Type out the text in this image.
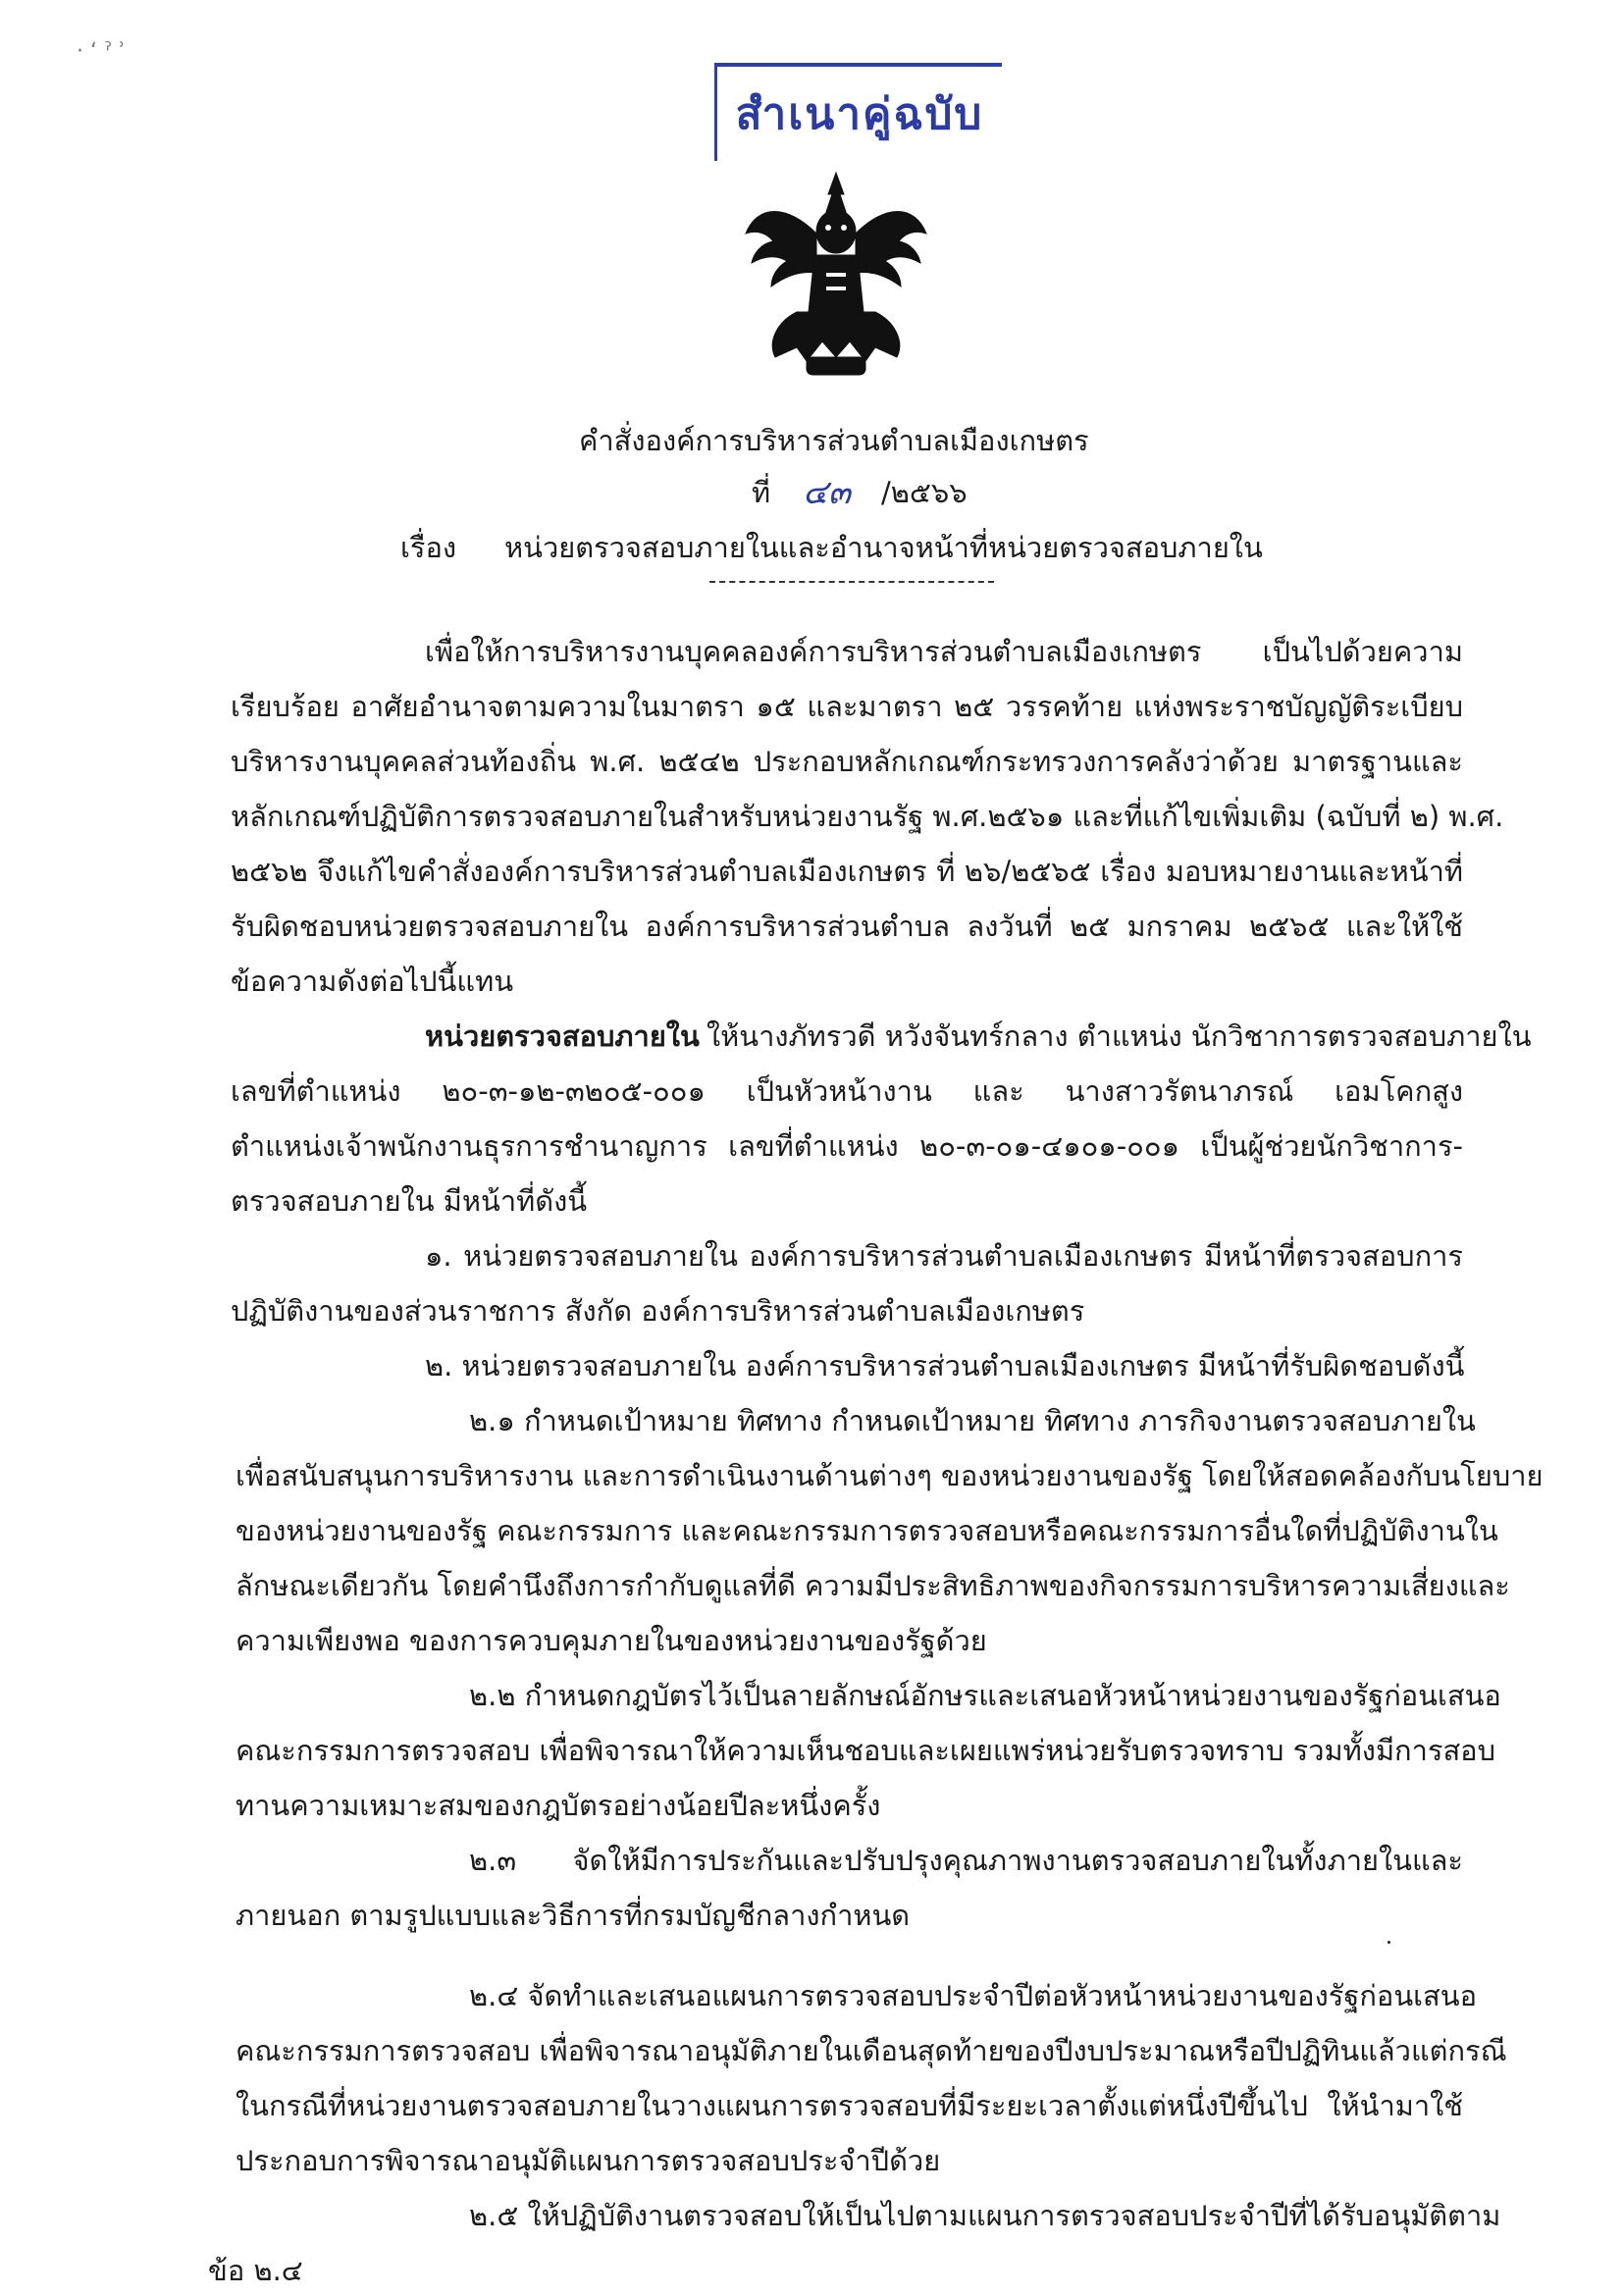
· ʻ ˀ ʾ
สำเนาคู่ฉบับ
คำสั่งองค์การบริหารส่วนตำบลเมืองเกษตร
ที่ ๔๓ /๒๕๖๖
เรื่อง หน่วยตรวจสอบภายในและอำนาจหน้าที่หน่วยตรวจสอบภายใน
เพื่อให้การบริหารงานบุคคลองค์การบริหารส่วนตำบลเมืองเกษตร เป็นไปด้วยความ
เรียบร้อย อาศัยอำนาจตามความในมาตรา ๑๕ และมาตรา ๒๕ วรรคท้าย แห่งพระราชบัญญัติระเบียบ
บริหารงานบุคคลส่วนท้องถิ่น พ.ศ. ๒๕๔๒ ประกอบหลักเกณฑ์กระทรวงการคลังว่าด้วย มาตรฐานและ
หลักเกณฑ์ปฏิบัติการตรวจสอบภายในสำหรับหน่วยงานรัฐ พ.ศ.๒๕๖๑ และที่แก้ไขเพิ่มเติม (ฉบับที่ ๒) พ.ศ.
๒๕๖๒ จึงแก้ไขคำสั่งองค์การบริหารส่วนตำบลเมืองเกษตร ที่ ๒๖/๒๕๖๕ เรื่อง มอบหมายงานและหน้าที่
รับผิดชอบหน่วยตรวจสอบภายใน องค์การบริหารส่วนตำบล ลงวันที่ ๒๕ มกราคม ๒๕๖๕ และให้ใช้
ข้อความดังต่อไปนี้แทน
หน่วยตรวจสอบภายใน ให้นางภัทรวดี หวังจันทร์กลาง ตำแหน่ง นักวิชาการตรวจสอบภายใน
เลขที่ตำแหน่ง ๒๐-๓-๑๒-๓๒๐๕-๐๐๑ เป็นหัวหน้างาน และ นางสาวรัตนาภรณ์ เอมโคกสูง
ตำแหน่งเจ้าพนักงานธุรการชำนาญการ เลขที่ตำแหน่ง ๒๐-๓-๐๑-๔๑๐๑-๐๐๑ เป็นผู้ช่วยนักวิชาการ-
ตรวจสอบภายใน มีหน้าที่ดังนี้
๑. หน่วยตรวจสอบภายใน องค์การบริหารส่วนตำบลเมืองเกษตร มีหน้าที่ตรวจสอบการ
ปฏิบัติงานของส่วนราชการ สังกัด องค์การบริหารส่วนตำบลเมืองเกษตร
๒. หน่วยตรวจสอบภายใน องค์การบริหารส่วนตำบลเมืองเกษตร มีหน้าที่รับผิดชอบดังนี้
๒.๑ กำหนดเป้าหมาย ทิศทาง กำหนดเป้าหมาย ทิศทาง ภารกิจงานตรวจสอบภายใน
เพื่อสนับสนุนการบริหารงาน และการดำเนินงานด้านต่างๆ ของหน่วยงานของรัฐ โดยให้สอดคล้องกับนโยบาย
ของหน่วยงานของรัฐ คณะกรรมการ และคณะกรรมการตรวจสอบหรือคณะกรรมการอื่นใดที่ปฏิบัติงานใน
ลักษณะเดียวกัน โดยคำนึงถึงการกำกับดูแลที่ดี ความมีประสิทธิภาพของกิจกรรมการบริหารความเสี่ยงและ
ความเพียงพอ ของการควบคุมภายในของหน่วยงานของรัฐด้วย
๒.๒ กำหนดกฎบัตรไว้เป็นลายลักษณ์อักษรและเสนอหัวหน้าหน่วยงานของรัฐก่อนเสนอ
คณะกรรมการตรวจสอบ เพื่อพิจารณาให้ความเห็นชอบและเผยแพร่หน่วยรับตรวจทราบ รวมทั้งมีการสอบ
ทานความเหมาะสมของกฎบัตรอย่างน้อยปีละหนึ่งครั้ง
๒.๓ จัดให้มีการประกันและปรับปรุงคุณภาพงานตรวจสอบภายในทั้งภายในและ
ภายนอก ตามรูปแบบและวิธีการที่กรมบัญชีกลางกำหนด
๒.๔ จัดทำและเสนอแผนการตรวจสอบประจำปีต่อหัวหน้าหน่วยงานของรัฐก่อนเสนอ
คณะกรรมการตรวจสอบ เพื่อพิจารณาอนุมัติภายในเดือนสุดท้ายของปีงบประมาณหรือปีปฏิทินแล้วแต่กรณี
ในกรณีที่หน่วยงานตรวจสอบภายในวางแผนการตรวจสอบที่มีระยะเวลาตั้งแต่หนึ่งปีขึ้นไป ให้นำมาใช้
ประกอบการพิจารณาอนุมัติแผนการตรวจสอบประจำปีด้วย
๒.๕ ให้ปฏิบัติงานตรวจสอบให้เป็นไปตามแผนการตรวจสอบประจำปีที่ได้รับอนุมัติตาม
ข้อ ๒.๔
